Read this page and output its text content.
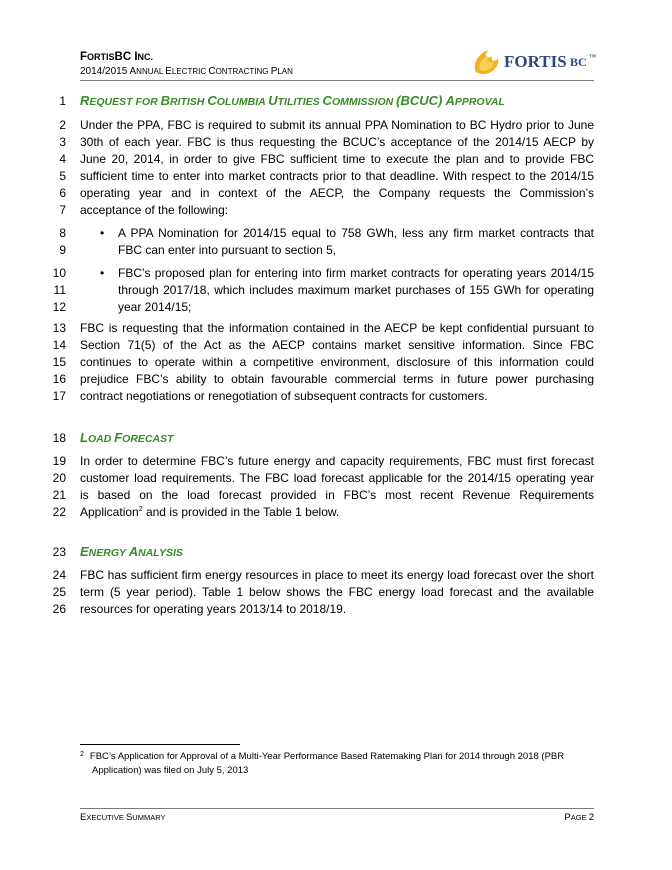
FORTISBC INC.
2014/2015 ANNUAL ELECTRIC CONTRACTING PLAN
FORTIS BC ™
1 REQUEST FOR BRITISH COLUMBIA UTILITIES COMMISSION (BCUC) APPROVAL
2 Under the PPA, FBC is required to submit its annual PPA Nomination to BC Hydro prior to June
3 30th of each year. FBC is thus requesting the BCUC’s acceptance of the 2014/15 AECP by
4 June 20, 2014, in order to give FBC sufficient time to execute the plan and to provide FBC
5 sufficient time to enter into market contracts prior to that deadline. With respect to the 2014/15
6 operating year and in context of the AECP, the Company requests the Commission’s
7 acceptance of the following:
8	• A PPA Nomination for 2014/15 equal to 758 GWh, less any firm market contracts that
9	FBC can enter into pursuant to section 5,
10	• FBC’s proposed plan for entering into firm market contracts for operating years 2014/15
11	through 2017/18, which includes maximum market purchases of 155 GWh for operating
12	year 2014/15;
13 FBC is requesting that the information contained in the AECP be kept confidential pursuant to
14 Section 71(5) of the Act as the AECP contains market sensitive information. Since FBC
15 continues to operate within a competitive environment, disclosure of this information could
16 prejudice FBC’s ability to obtain favourable commercial terms in future power purchasing
17 contract negotiations or renegotiation of subsequent contracts for customers.
18 LOAD FORECAST
19 In order to determine FBC’s future energy and capacity requirements, FBC must first forecast
20 customer load requirements. The FBC load forecast applicable for the 2014/15 operating year
21 is based on the load forecast provided in FBC’s most recent Revenue Requirements
22 Application$^2$ and is provided in the Table 1 below.
23 ENERGY ANALYSIS
24 FBC has sufficient firm energy resources in place to meet its energy load forecast over the short
25 term (5 year period). Table 1 below shows the FBC energy load forecast and the available
26 resources for operating years 2013/14 to 2018/19.
$^2$ FBC’s Application for Approval of a Multi-Year Performance Based Ratemaking Plan for 2014 through 2018 (PBR
Application) was filed on July 5, 2013
EXECUTIVE SUMMARY	PAGE 2
